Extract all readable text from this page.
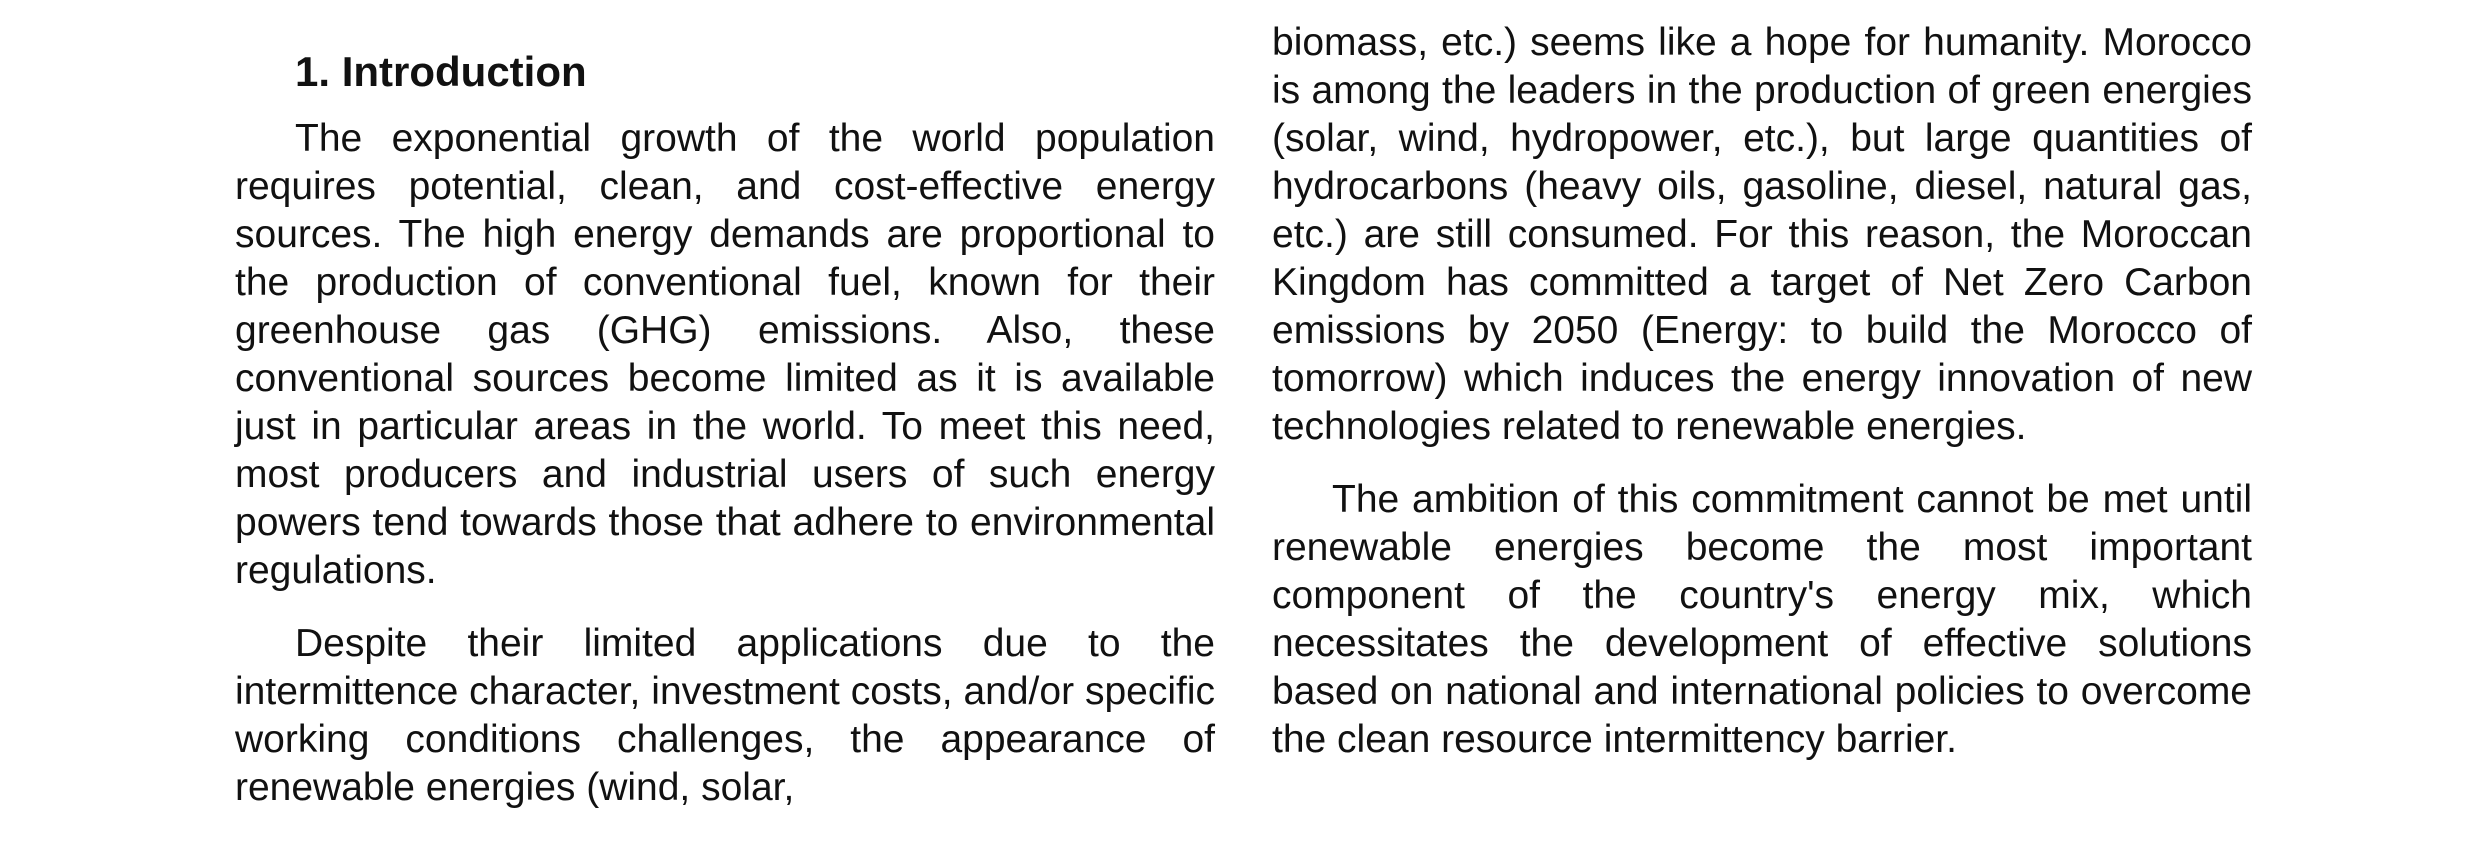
1. Introduction

The exponential growth of the world population requires potential, clean, and cost-effective energy sources. The high energy demands are proportional to the production of conventional fuel, known for their greenhouse gas (GHG) emissions. Also, these conventional sources become limited as it is available just in particular areas in the world. To meet this need, most producers and industrial users of such energy powers tend towards those that adhere to environmental regulations.

Despite their limited applications due to the intermittence character, investment costs, and/or specific working conditions challenges, the appearance of renewable energies (wind, solar,

biomass, etc.) seems like a hope for humanity. Morocco is among the leaders in the production of green energies (solar, wind, hydropower, etc.), but large quantities of hydrocarbons (heavy oils, gasoline, diesel, natural gas, etc.) are still consumed. For this reason, the Moroccan Kingdom has committed a target of Net Zero Carbon emissions by 2050 (Energy: to build the Morocco of tomorrow) which induces the energy innovation of new technologies related to renewable energies.

The ambition of this commitment cannot be met until renewable energies become the most important component of the country's energy mix, which necessitates the development of effective solutions based on national and international policies to overcome the clean resource intermittency barrier.
